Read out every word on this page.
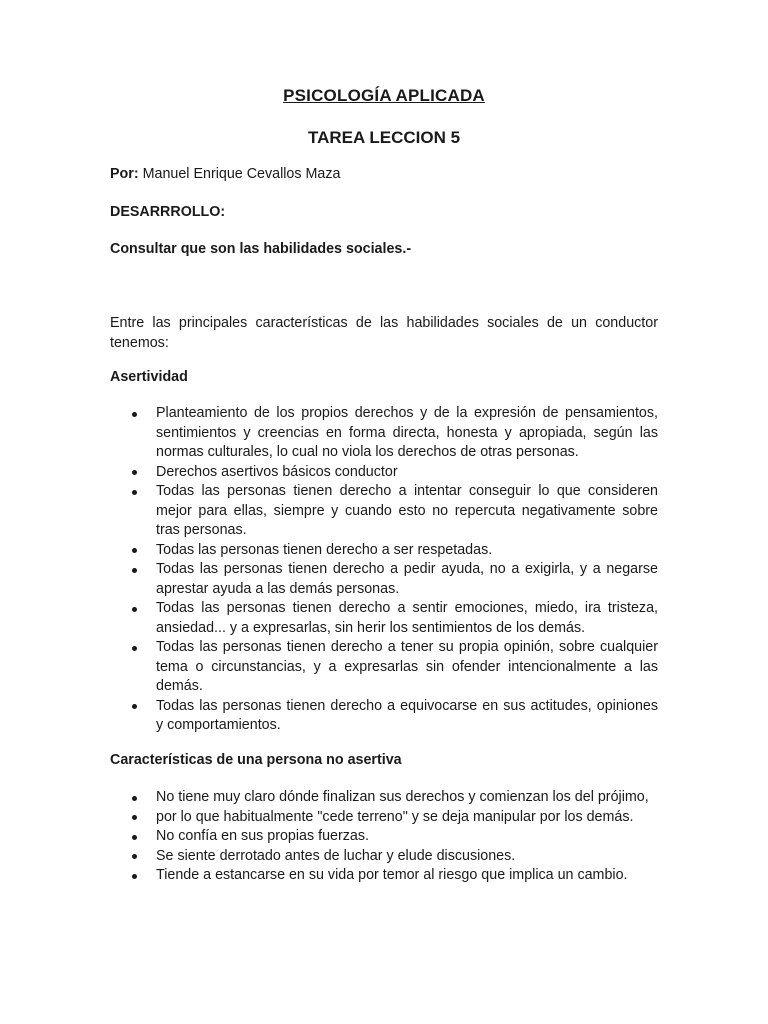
PSICOLOGÍA APLICADA
TAREA LECCION 5
Por: Manuel Enrique Cevallos Maza
DESARRROLLO:
Consultar que son las habilidades sociales.-
Entre las principales características de las habilidades sociales de un conductor tenemos:
Asertividad
Planteamiento de los propios derechos y de la expresión de pensamientos, sentimientos y creencias en forma directa, honesta y apropiada, según las normas culturales, lo cual no viola los derechos de otras personas.
Derechos asertivos básicos conductor
Todas las personas tienen derecho a intentar conseguir lo que consideren mejor para ellas, siempre y cuando esto no repercuta negativamente sobre tras personas.
Todas las personas tienen derecho a ser respetadas.
Todas las personas tienen derecho a pedir ayuda, no a exigirla, y a negarse aprestar ayuda a las demás personas.
Todas las personas tienen derecho a sentir emociones, miedo, ira tristeza, ansiedad... y a expresarlas, sin herir los sentimientos de los demás.
Todas las personas tienen derecho a tener su propia opinión, sobre cualquier tema o circunstancias, y a expresarlas sin ofender intencionalmente a las demás.
Todas las personas tienen derecho a equivocarse en sus actitudes, opiniones y comportamientos.
Características de una persona no asertiva
No tiene muy claro dónde finalizan sus derechos y comienzan los del prójimo,
por lo que habitualmente "cede terreno" y se deja manipular por los demás.
No confía en sus propias fuerzas.
Se siente derrotado antes de luchar y elude discusiones.
Tiende a estancarse en su vida por temor al riesgo que implica un cambio.
